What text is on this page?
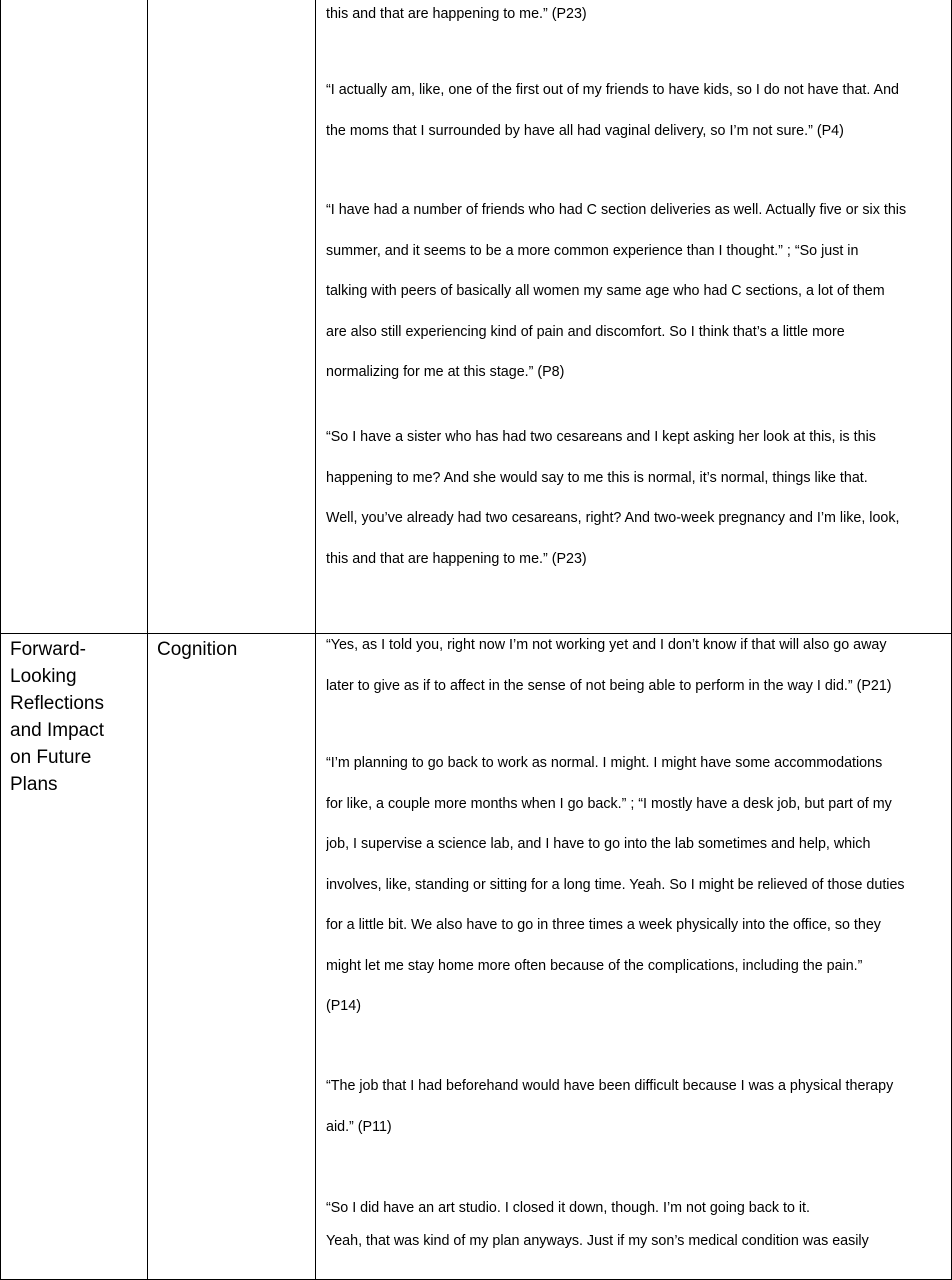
this and that are happening to me.” (P23)

“I actually am, like, one of the first out of my friends to have kids, so I do not have that. And
the moms that I surrounded by have all had vaginal delivery, so I’m not sure.” (P4)

“I have had a number of friends who had C section deliveries as well. Actually five or six this
summer, and it seems to be a more common experience than I thought.” ; “So just in
talking with peers of basically all women my same age who had C sections, a lot of them
are also still experiencing kind of pain and discomfort. So I think that’s a little more
normalizing for me at this stage.” (P8)

“So I have a sister who has had two cesareans and I kept asking her look at this, is this
happening to me? And she would say to me this is normal, it’s normal, things like that.
Well, you’ve already had two cesareans, right? And two-week pregnancy and I’m like, look,
this and that are happening to me.” (P23)

Forward-
Looking
Reflections
and Impact
on Future
Plans
Cognition	“Yes, as I told you, right now I’m not working yet and I don’t know if that will also go away
later to give as if to affect in the sense of not being able to perform in the way I did.” (P21)

“I’m planning to go back to work as normal. I might. I might have some accommodations
for like, a couple more months when I go back.” ; “I mostly have a desk job, but part of my
job, I supervise a science lab, and I have to go into the lab sometimes and help, which
involves, like, standing or sitting for a long time. Yeah. So I might be relieved of those duties
for a little bit. We also have to go in three times a week physically into the office, so they
might let me stay home more often because of the complications, including the pain.”
(P14)

“The job that I had beforehand would have been difficult because I was a physical therapy
aid.” (P11)

“So I did have an art studio. I closed it down, though. I’m not going back to it.
Yeah, that was kind of my plan anyways. Just if my son’s medical condition was easily
